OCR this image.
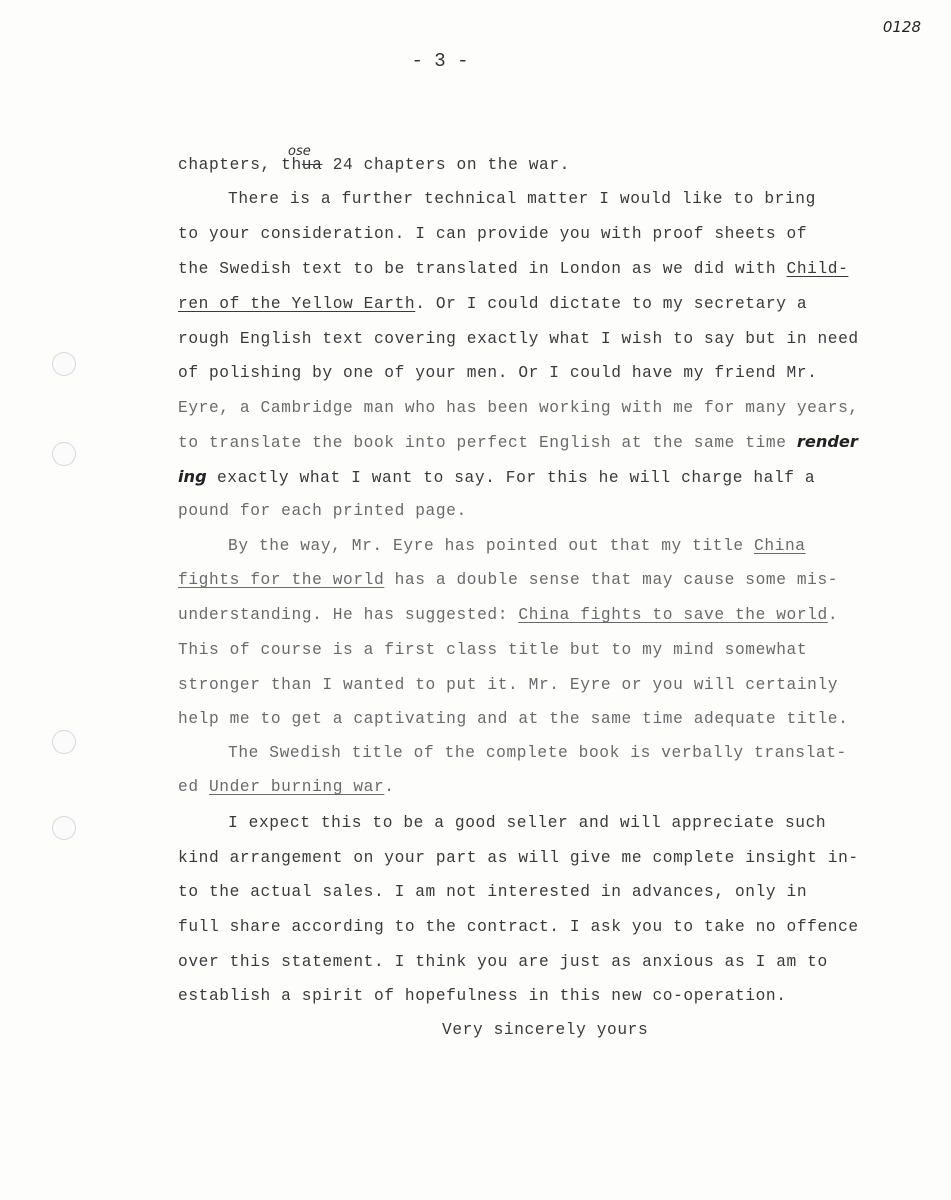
0128
- 3 -
ose
chapters, thua 24 chapters on the war.
There is a further technical matter I would like to bring
to your consideration. I can provide you with proof sheets of
the Swedish text to be translated in London as we did with Child-
ren of the Yellow Earth. Or I could dictate to my secretary a
rough English text covering exactly what I wish to say but in need
of polishing by one of your men. Or I could have my friend Mr.
Eyre, a Cambridge man who has been working with me for many years,
to translate the book into perfect English at the same time render
ing exactly what I want to say. For this he will charge half a
pound for each printed page.
By the way, Mr. Eyre has pointed out that my title China
fights for the world has a double sense that may cause some mis-
understanding. He has suggested: China fights to save the world.
This of course is a first class title but to my mind somewhat
stronger than I wanted to put it. Mr. Eyre or you will certainly
help me to get a captivating and at the same time adequate title.
The Swedish title of the complete book is verbally translat-
ed Under burning war.
I expect this to be a good seller and will appreciate such
kind arrangement on your part as will give me complete insight in-
to the actual sales. I am not interested in advances, only in
full share according to the contract. I ask you to take no offence
over this statement. I think you are just as anxious as I am to
establish a spirit of hopefulness in this new co-operation.
Very sincerely yours
